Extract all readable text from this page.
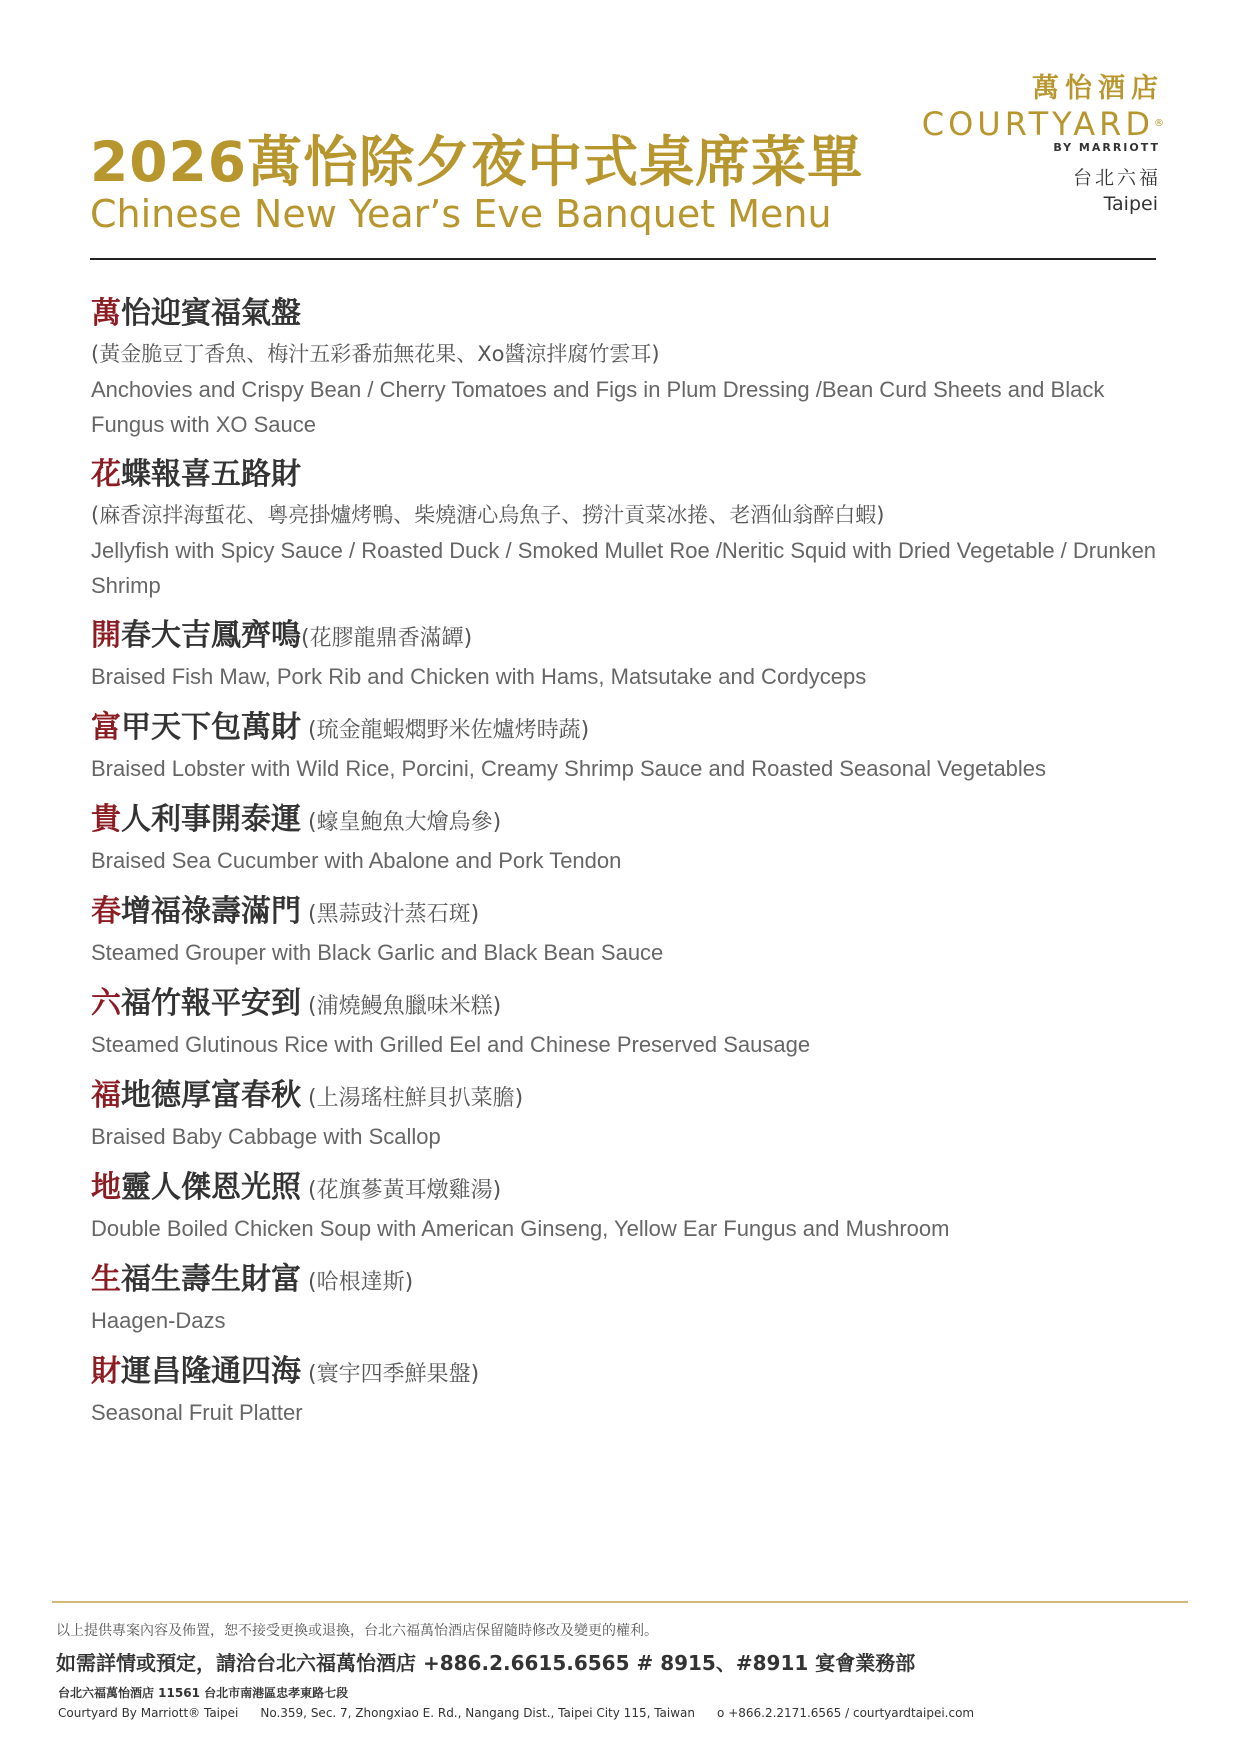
2026萬怡除夕夜中式桌席菜單
Chinese New Year’s Eve Banquet Menu
萬怡酒店
COURTYARD®
BY MARRIOTT
台北六福
Taipei
萬怡迎賓福氣盤
(黃金脆豆丁香魚、梅汁五彩番茄無花果、Xo醬涼拌腐竹雲耳)
Anchovies and Crispy Bean / Cherry Tomatoes and Figs in Plum Dressing /Bean Curd Sheets and Black Fungus with XO Sauce
花蝶報喜五路財
(麻香涼拌海蜇花、粵亮掛爐烤鴨、柴燒溏心烏魚子、撈汁貢菜冰捲、老酒仙翁醉白蝦)
Jellyfish with Spicy Sauce / Roasted Duck / Smoked Mullet Roe /Neritic Squid with Dried Vegetable / Drunken Shrimp
開春大吉鳳齊鳴(花膠龍鼎香滿罈)
Braised Fish Maw, Pork Rib and Chicken with Hams, Matsutake and Cordyceps
富甲天下包萬財 (琉金龍蝦燜野米佐爐烤時蔬)
Braised Lobster with Wild Rice, Porcini, Creamy Shrimp Sauce and Roasted Seasonal Vegetables
貴人利事開泰運 (蠔皇鮑魚大燴烏參)
Braised Sea Cucumber with Abalone and Pork Tendon
春增福祿壽滿門 (黑蒜豉汁蒸石斑)
Steamed Grouper with Black Garlic and Black Bean Sauce
六福竹報平安到 (浦燒鰻魚臘味米糕)
Steamed Glutinous Rice with Grilled Eel and Chinese Preserved Sausage
福地德厚富春秋 (上湯瑤柱鮮貝扒菜膽)
Braised Baby Cabbage with Scallop
地靈人傑恩光照 (花旗蔘黃耳燉雞湯)
Double Boiled Chicken Soup with American Ginseng, Yellow Ear Fungus and Mushroom
生福生壽生財富 (哈根達斯)
Haagen-Dazs
財運昌隆通四海 (寰宇四季鮮果盤)
Seasonal Fruit Platter
以上提供專案內容及佈置，恕不接受更換或退換，台北六福萬怡酒店保留隨時修改及變更的權利。
如需詳情或預定，請洽台北六福萬怡酒店 +886.2.6615.6565 # 8915、#8911 宴會業務部
台北六福萬怡酒店 11561 台北市南港區忠孝東路七段
Courtyard By Marriott® Taipei No.359, Sec. 7, Zhongxiao E. Rd., Nangang Dist., Taipei City 115, Taiwan o +866.2.2171.6565 / courtyardtaipei.com
